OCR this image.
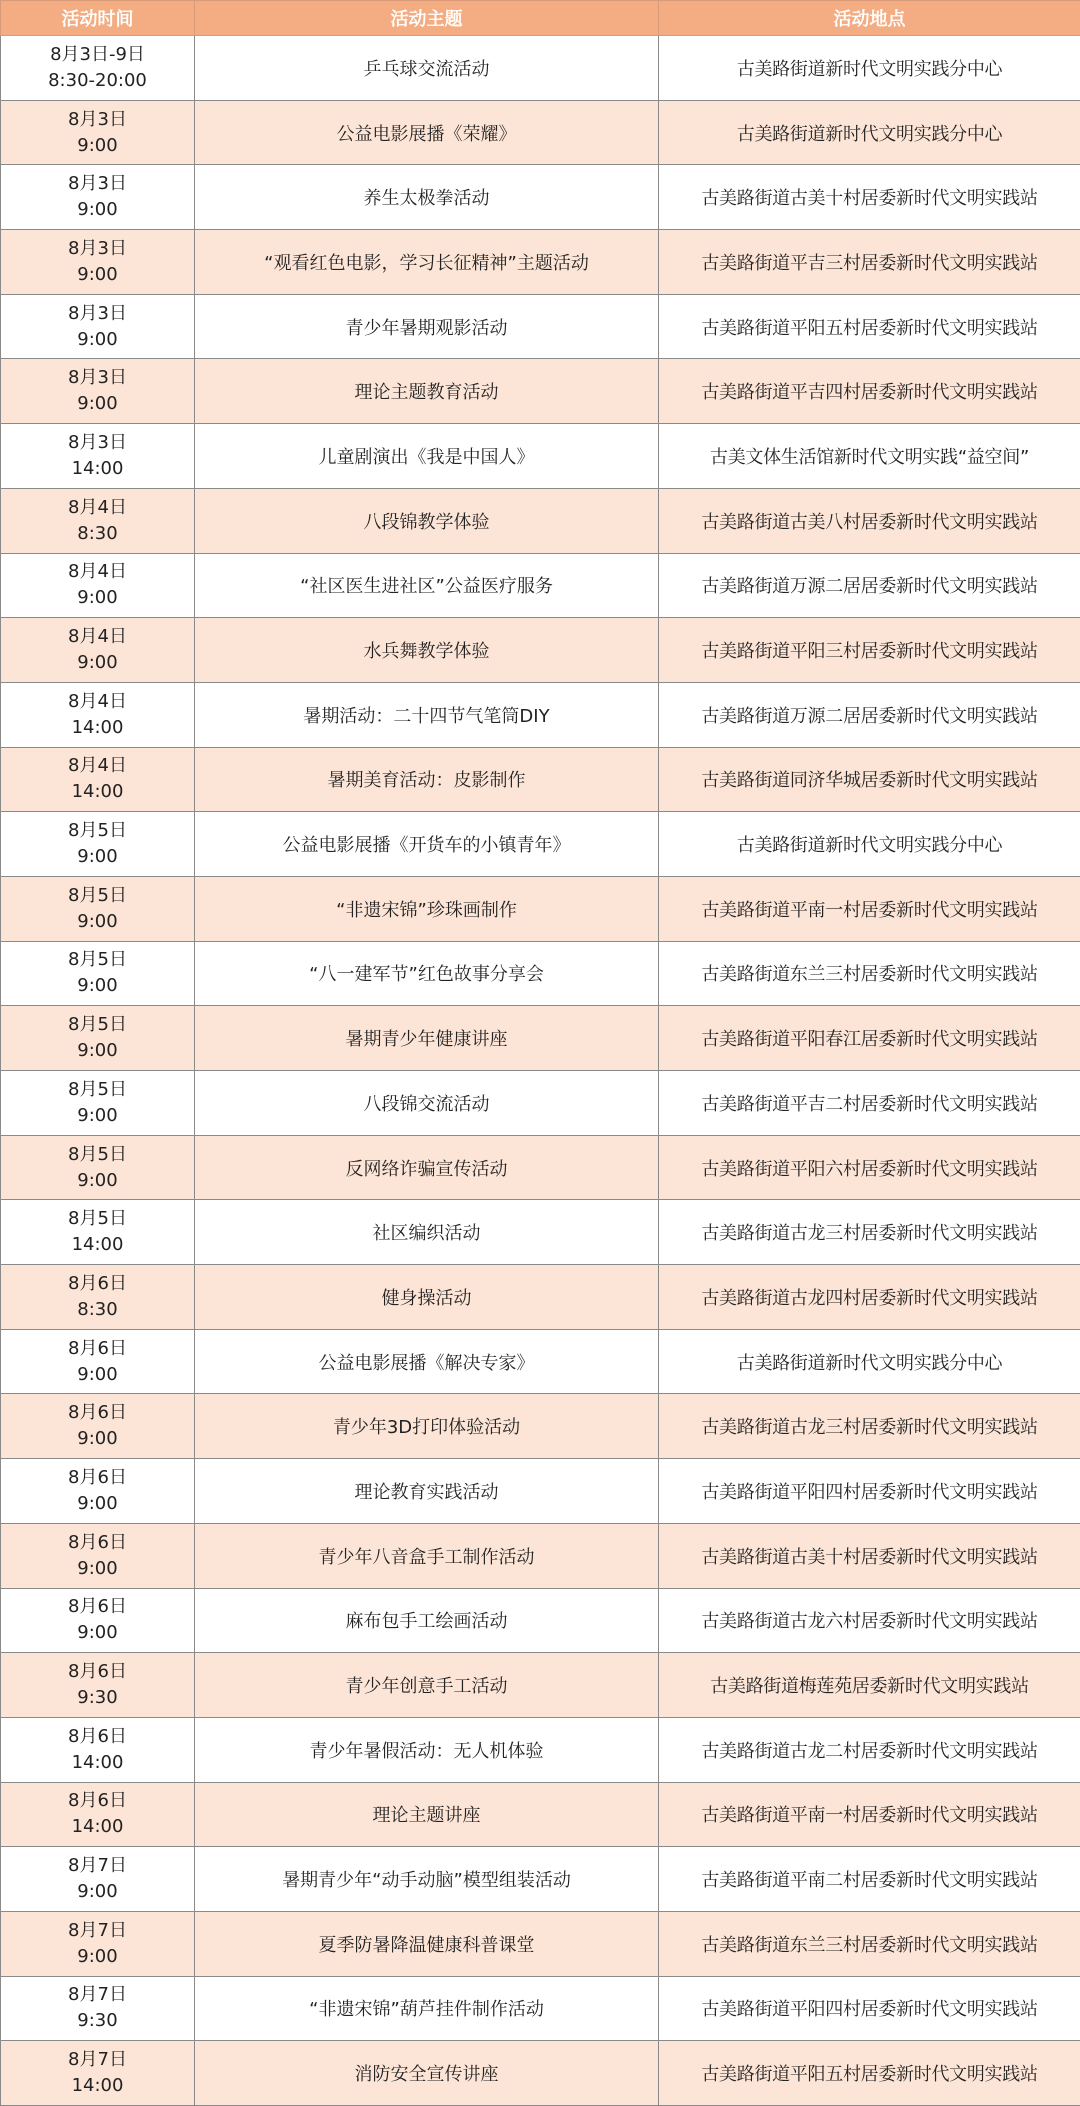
活动时间	活动主题	活动地点

8月3日-9日
8:30-20:00	乒乓球交流活动	古美路街道新时代文明实践分中心

8月3日
9:00	公益电影展播《荣耀》	古美路街道新时代文明实践分中心

8月3日
9:00	养生太极拳活动	古美路街道古美十村居委新时代文明实践站

8月3日
9:00	“观看红色电影，学习长征精神”主题活动	古美路街道平吉三村居委新时代文明实践站

8月3日
9:00	青少年暑期观影活动	古美路街道平阳五村居委新时代文明实践站

8月3日
9:00	理论主题教育活动	古美路街道平吉四村居委新时代文明实践站

8月3日
14:00	儿童剧演出《我是中国人》	古美文体生活馆新时代文明实践“益空间”

8月4日
8:30	八段锦教学体验	古美路街道古美八村居委新时代文明实践站

8月4日
9:00	“社区医生进社区”公益医疗服务	古美路街道万源二居居委新时代文明实践站

8月4日
9:00	水兵舞教学体验	古美路街道平阳三村居委新时代文明实践站

8月4日
14:00	暑期活动：二十四节气笔筒DIY	古美路街道万源二居居委新时代文明实践站

8月4日
14:00	暑期美育活动：皮影制作	古美路街道同济华城居委新时代文明实践站

8月5日
9:00	公益电影展播《开货车的小镇青年》	古美路街道新时代文明实践分中心

8月5日
9:00	“非遗宋锦”珍珠画制作	古美路街道平南一村居委新时代文明实践站

8月5日
9:00	“八一建军节”红色故事分享会	古美路街道东兰三村居委新时代文明实践站

8月5日
9:00	暑期青少年健康讲座	古美路街道平阳春江居委新时代文明实践站

8月5日
9:00	八段锦交流活动	古美路街道平吉二村居委新时代文明实践站

8月5日
9:00	反网络诈骗宣传活动	古美路街道平阳六村居委新时代文明实践站

8月5日
14:00	社区编织活动	古美路街道古龙三村居委新时代文明实践站

8月6日
8:30	健身操活动	古美路街道古龙四村居委新时代文明实践站

8月6日
9:00	公益电影展播《解决专家》	古美路街道新时代文明实践分中心

8月6日
9:00	青少年3D打印体验活动	古美路街道古龙三村居委新时代文明实践站

8月6日
9:00	理论教育实践活动	古美路街道平阳四村居委新时代文明实践站

8月6日
9:00	青少年八音盒手工制作活动	古美路街道古美十村居委新时代文明实践站

8月6日
9:00	麻布包手工绘画活动	古美路街道古龙六村居委新时代文明实践站

8月6日
9:30	青少年创意手工活动	古美路街道梅莲苑居委新时代文明实践站

8月6日
14:00	青少年暑假活动：无人机体验	古美路街道古龙二村居委新时代文明实践站

8月6日
14:00	理论主题讲座	古美路街道平南一村居委新时代文明实践站

8月7日
9:00	暑期青少年“动手动脑”模型组装活动	古美路街道平南二村居委新时代文明实践站

8月7日
9:00	夏季防暑降温健康科普课堂	古美路街道东兰三村居委新时代文明实践站

8月7日
9:30	“非遗宋锦”葫芦挂件制作活动	古美路街道平阳四村居委新时代文明实践站

8月7日
14:00	消防安全宣传讲座	古美路街道平阳五村居委新时代文明实践站
